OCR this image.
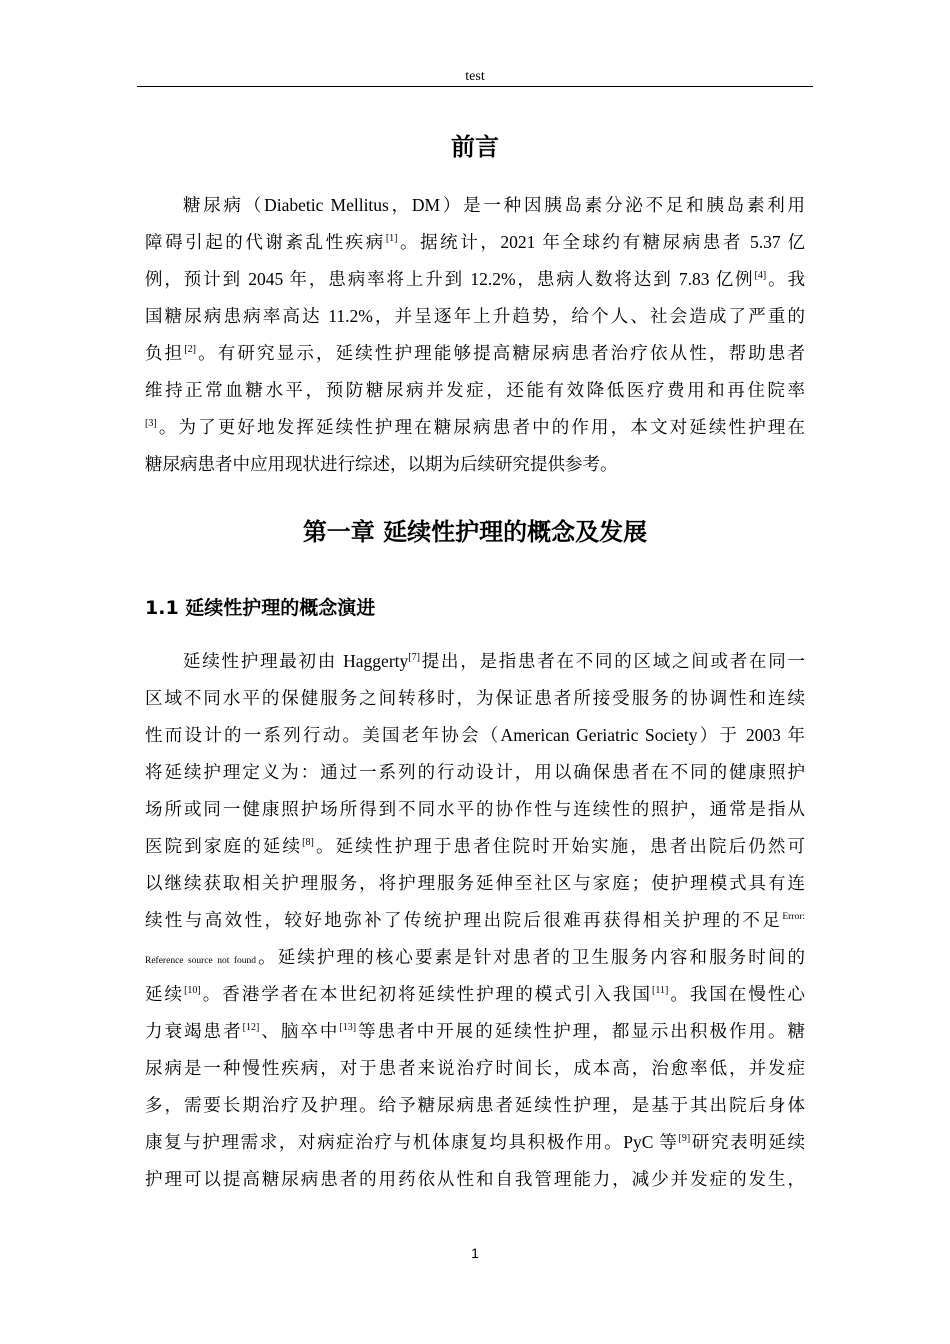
test
前言
糖尿病（Diabetic Mellitus，DM）是一种因胰岛素分泌不足和胰岛素利用
障碍引起的代谢紊乱性疾病[1]。据统计，2021 年全球约有糖尿病患者 5.37 亿
例，预计到 2045 年，患病率将上升到 12.2%，患病人数将达到 7.83 亿例[4]。我
国糖尿病患病率高达 11.2%，并呈逐年上升趋势，给个人、社会造成了严重的
负担[2]。有研究显示，延续性护理能够提高糖尿病患者治疗依从性，帮助患者
维持正常血糖水平，预防糖尿病并发症，还能有效降低医疗费用和再住院率
[3]。为了更好地发挥延续性护理在糖尿病患者中的作用，本文对延续性护理在
糖尿病患者中应用现状进行综述，以期为后续研究提供参考。
第一章 延续性护理的概念及发展
1.1 延续性护理的概念演进
延续性护理最初由 Haggerty[7]提出，是指患者在不同的区域之间或者在同一
区域不同水平的保健服务之间转移时，为保证患者所接受服务的协调性和连续
性而设计的一系列行动。美国老年协会（American Geriatric Society）于 2003 年
将延续护理定义为：通过一系列的行动设计，用以确保患者在不同的健康照护
场所或同一健康照护场所得到不同水平的协作性与连续性的照护，通常是指从
医院到家庭的延续[8]。延续性护理于患者住院时开始实施，患者出院后仍然可
以继续获取相关护理服务，将护理服务延伸至社区与家庭；使护理模式具有连
续性与高效性，较好地弥补了传统护理出院后很难再获得相关护理的不足$^{Error:}$
Reference source not found。延续护理的核心要素是针对患者的卫生服务内容和服务时间的
延续[10]。香港学者在本世纪初将延续性护理的模式引入我国[11]。我国在慢性心
力衰竭患者[12]、脑卒中[13]等患者中开展的延续性护理，都显示出积极作用。糖
尿病是一种慢性疾病，对于患者来说治疗时间长，成本高，治愈率低，并发症
多，需要长期治疗及护理。给予糖尿病患者延续性护理，是基于其出院后身体
康复与护理需求，对病症治疗与机体康复均具积极作用。PyC 等[9]研究表明延续
护理可以提高糖尿病患者的用药依从性和自我管理能力，减少并发症的发生，
1
